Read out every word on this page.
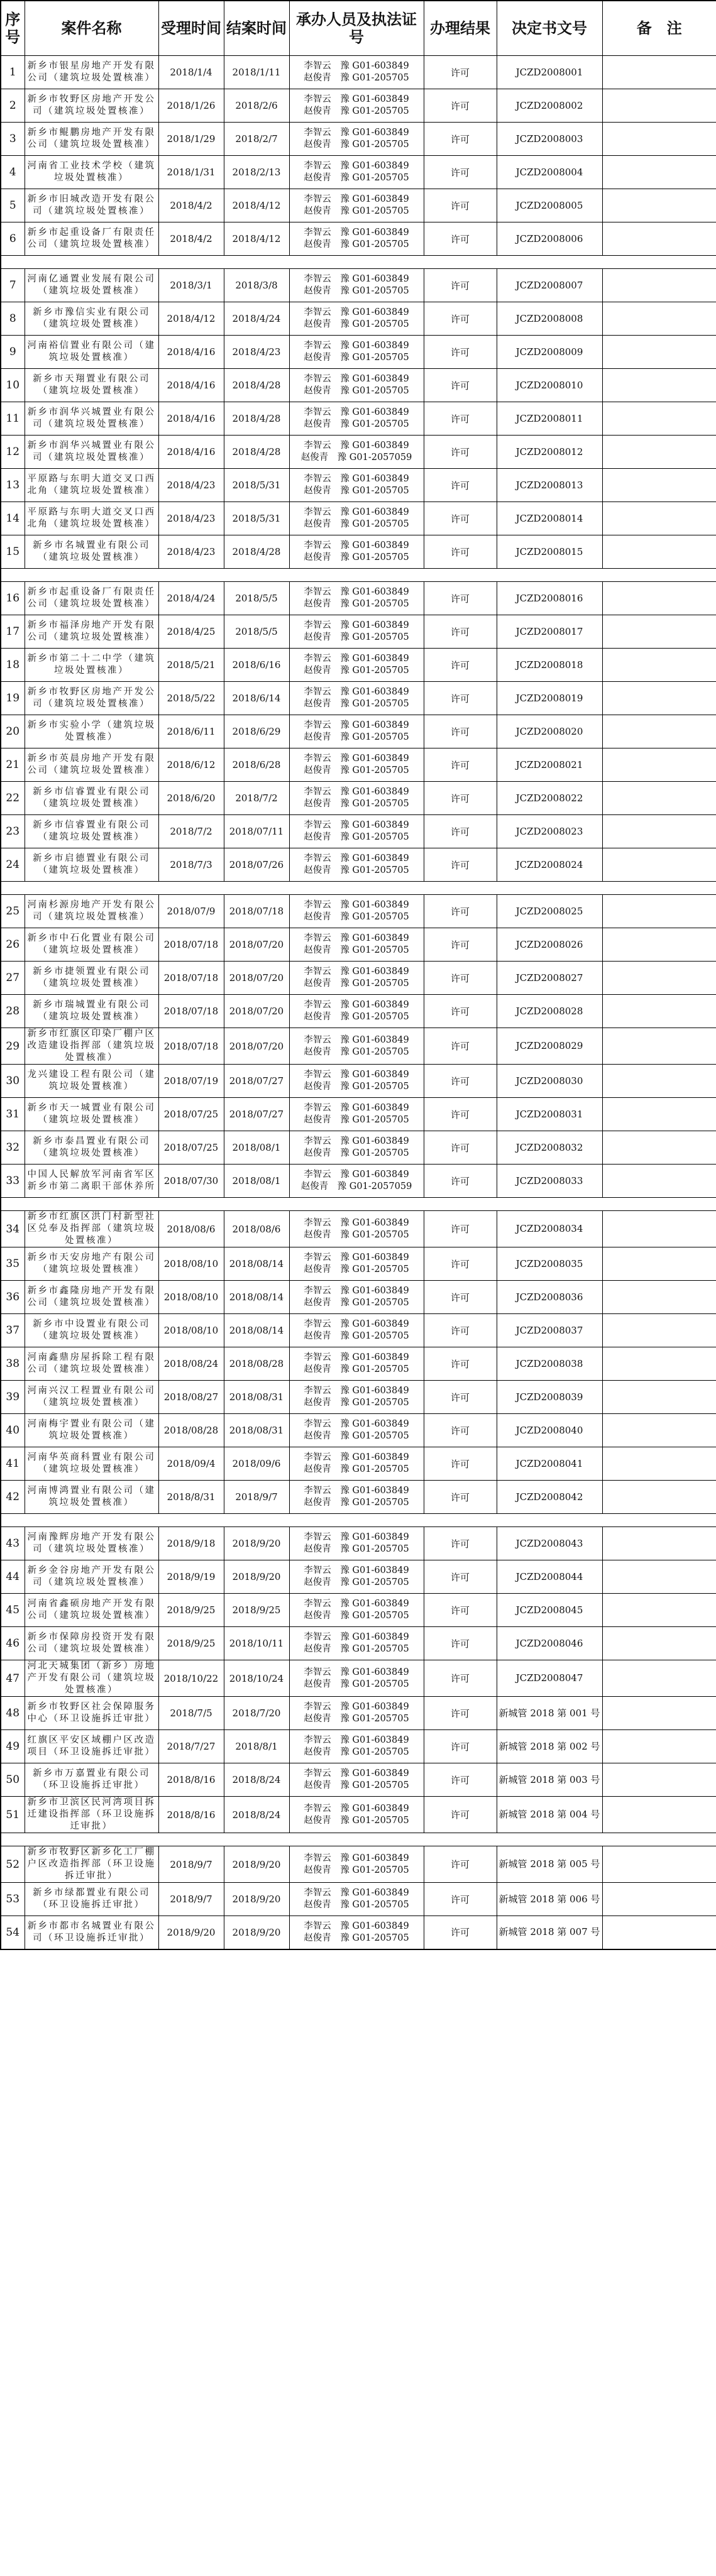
序号	案件名称	受理时间	结案时间	承办人员及执法证号	办理结果	决定书文号	备　注
1	新乡市银星房地产开发有限公司（建筑垃圾处置核准）	2018/1/4	2018/1/11	李智云　豫 G01-603849
赵俊青　豫 G01-205705	许可	JCZD2008001	
2	新乡市牧野区房地产开发公司（建筑垃圾处置核准）	2018/1/26	2018/2/6	李智云　豫 G01-603849
赵俊青　豫 G01-205705	许可	JCZD2008002	
3	新乡市鲲鹏房地产开发有限公司（建筑垃圾处置核准）	2018/1/29	2018/2/7	李智云　豫 G01-603849
赵俊青　豫 G01-205705	许可	JCZD2008003	
4	河南省工业技术学校（建筑垃圾处置核准）	2018/1/31	2018/2/13	李智云　豫 G01-603849
赵俊青　豫 G01-205705	许可	JCZD2008004	
5	新乡市旧城改造开发有限公司（建筑垃圾处置核准）	2018/4/2	2018/4/12	李智云　豫 G01-603849
赵俊青　豫 G01-205705	许可	JCZD2008005	
6	新乡市起重设备厂有限责任公司（建筑垃圾处置核准）	2018/4/2	2018/4/12	李智云　豫 G01-603849
赵俊青　豫 G01-205705	许可	JCZD2008006	

7	河南亿通置业发展有限公司（建筑垃圾处置核准）	2018/3/1	2018/3/8	李智云　豫 G01-603849
赵俊青　豫 G01-205705	许可	JCZD2008007	
8	新乡市豫信实业有限公司（建筑垃圾处置核准）	2018/4/12	2018/4/24	李智云　豫 G01-603849
赵俊青　豫 G01-205705	许可	JCZD2008008	
9	河南裕信置业有限公司（建筑垃圾处置核准）	2018/4/16	2018/4/23	李智云　豫 G01-603849
赵俊青　豫 G01-205705	许可	JCZD2008009	
10	新乡市天翔置业有限公司（建筑垃圾处置核准）	2018/4/16	2018/4/28	李智云　豫 G01-603849
赵俊青　豫 G01-205705	许可	JCZD2008010	
11	新乡市润华兴城置业有限公司（建筑垃圾处置核准）	2018/4/16	2018/4/28	李智云　豫 G01-603849
赵俊青　豫 G01-205705	许可	JCZD2008011	
12	新乡市润华兴城置业有限公司（建筑垃圾处置核准）	2018/4/16	2018/4/28	李智云　豫 G01-603849
赵俊青　豫 G01-2057059	许可	JCZD2008012	
13	平原路与东明大道交叉口西北角（建筑垃圾处置核准）	2018/4/23	2018/5/31	李智云　豫 G01-603849
赵俊青　豫 G01-205705	许可	JCZD2008013	
14	平原路与东明大道交叉口西北角（建筑垃圾处置核准）	2018/4/23	2018/5/31	李智云　豫 G01-603849
赵俊青　豫 G01-205705	许可	JCZD2008014	
15	新乡市名城置业有限公司（建筑垃圾处置核准）	2018/4/23	2018/4/28	李智云　豫 G01-603849
赵俊青　豫 G01-205705	许可	JCZD2008015	

16	新乡市起重设备厂有限责任公司（建筑垃圾处置核准）	2018/4/24	2018/5/5	李智云　豫 G01-603849
赵俊青　豫 G01-205705	许可	JCZD2008016	
17	新乡市福泽房地产开发有限公司（建筑垃圾处置核准）	2018/4/25	2018/5/5	李智云　豫 G01-603849
赵俊青　豫 G01-205705	许可	JCZD2008017	
18	新乡市第二十二中学（建筑垃圾处置核准）	2018/5/21	2018/6/16	李智云　豫 G01-603849
赵俊青　豫 G01-205705	许可	JCZD2008018	
19	新乡市牧野区房地产开发公司（建筑垃圾处置核准）	2018/5/22	2018/6/14	李智云　豫 G01-603849
赵俊青　豫 G01-205705	许可	JCZD2008019	
20	新乡市实验小学（建筑垃圾处置核准）	2018/6/11	2018/6/29	李智云　豫 G01-603849
赵俊青　豫 G01-205705	许可	JCZD2008020	
21	新乡市英晨房地产开发有限公司（建筑垃圾处置核准）	2018/6/12	2018/6/28	李智云　豫 G01-603849
赵俊青　豫 G01-205705	许可	JCZD2008021	
22	新乡市信睿置业有限公司（建筑垃圾处置核准）	2018/6/20	2018/7/2	李智云　豫 G01-603849
赵俊青　豫 G01-205705	许可	JCZD2008022	
23	新乡市信睿置业有限公司（建筑垃圾处置核准）	2018/7/2	2018/07/11	李智云　豫 G01-603849
赵俊青　豫 G01-205705	许可	JCZD2008023	
24	新乡市启德置业有限公司（建筑垃圾处置核准）	2018/7/3	2018/07/26	李智云　豫 G01-603849
赵俊青　豫 G01-205705	许可	JCZD2008024	

25	河南杉源房地产开发有限公司（建筑垃圾处置核准）	2018/07/9	2018/07/18	李智云　豫 G01-603849
赵俊青　豫 G01-205705	许可	JCZD2008025	
26	新乡市中石化置业有限公司（建筑垃圾处置核准）	2018/07/18	2018/07/20	李智云　豫 G01-603849
赵俊青　豫 G01-205705	许可	JCZD2008026	
27	新乡市捷领置业有限公司（建筑垃圾处置核准）	2018/07/18	2018/07/20	李智云　豫 G01-603849
赵俊青　豫 G01-205705	许可	JCZD2008027	
28	新乡市瑞城置业有限公司（建筑垃圾处置核准）	2018/07/18	2018/07/20	李智云　豫 G01-603849
赵俊青　豫 G01-205705	许可	JCZD2008028	
29	新乡市红旗区印染厂棚户区改造建设指挥部（建筑垃圾处置核准）	2018/07/18	2018/07/20	李智云　豫 G01-603849
赵俊青　豫 G01-205705	许可	JCZD2008029	
30	龙兴建设工程有限公司（建筑垃圾处置核准）	2018/07/19	2018/07/27	李智云　豫 G01-603849
赵俊青　豫 G01-205705	许可	JCZD2008030	
31	新乡市天一城置业有限公司（建筑垃圾处置核准）	2018/07/25	2018/07/27	李智云　豫 G01-603849
赵俊青　豫 G01-205705	许可	JCZD2008031	
32	新乡市泰昌置业有限公司（建筑垃圾处置核准）	2018/07/25	2018/08/1	李智云　豫 G01-603849
赵俊青　豫 G01-205705	许可	JCZD2008032	
33	中国人民解放军河南省军区新乡市第二离职干部休养所	2018/07/30	2018/08/1	李智云　豫 G01-603849
赵俊青　豫 G01-2057059	许可	JCZD2008033	

34	新乡市红旗区洪门村新型社区兑奉及指挥部（建筑垃圾处置核准）	2018/08/6	2018/08/6	李智云　豫 G01-603849
赵俊青　豫 G01-205705	许可	JCZD2008034	
35	新乡市天安房地产有限公司（建筑垃圾处置核准）	2018/08/10	2018/08/14	李智云　豫 G01-603849
赵俊青　豫 G01-205705	许可	JCZD2008035	
36	新乡市鑫隆房地产开发有限公司（建筑垃圾处置核准）	2018/08/10	2018/08/14	李智云　豫 G01-603849
赵俊青　豫 G01-205705	许可	JCZD2008036	
37	新乡市中设置业有限公司（建筑垃圾处置核准）	2018/08/10	2018/08/14	李智云　豫 G01-603849
赵俊青　豫 G01-205705	许可	JCZD2008037	
38	河南鑫鼎房屋拆除工程有限公司（建筑垃圾处置核准）	2018/08/24	2018/08/28	李智云　豫 G01-603849
赵俊青　豫 G01-205705	许可	JCZD2008038	
39	河南兴汉工程置业有限公司（建筑垃圾处置核准）	2018/08/27	2018/08/31	李智云　豫 G01-603849
赵俊青　豫 G01-205705	许可	JCZD2008039	
40	河南梅宇置业有限公司（建筑垃圾处置核准）	2018/08/28	2018/08/31	李智云　豫 G01-603849
赵俊青　豫 G01-205705	许可	JCZD2008040	
41	河南华英商科置业有限公司（建筑垃圾处置核准）	2018/09/4	2018/09/6	李智云　豫 G01-603849
赵俊青　豫 G01-205705	许可	JCZD2008041	
42	河南博鸿置业有限公司（建筑垃圾处置核准）	2018/8/31	2018/9/7	李智云　豫 G01-603849
赵俊青　豫 G01-205705	许可	JCZD2008042	

43	河南豫辉房地产开发有限公司（建筑垃圾处置核准）	2018/9/18	2018/9/20	李智云　豫 G01-603849
赵俊青　豫 G01-205705	许可	JCZD2008043	
44	新乡金谷房地产开发有限公司（建筑垃圾处置核准）	2018/9/19	2018/9/20	李智云　豫 G01-603849
赵俊青　豫 G01-205705	许可	JCZD2008044	
45	河南省鑫硕房地产开发有限公司（建筑垃圾处置核准）	2018/9/25	2018/9/25	李智云　豫 G01-603849
赵俊青　豫 G01-205705	许可	JCZD2008045	
46	新乡市保障房投资开发有限公司（建筑垃圾处置核准）	2018/9/25	2018/10/11	李智云　豫 G01-603849
赵俊青　豫 G01-205705	许可	JCZD2008046	
47	河北天城集团（新乡）房地产开发有限公司（建筑垃圾处置核准）	2018/10/22	2018/10/24	李智云　豫 G01-603849
赵俊青　豫 G01-205705	许可	JCZD2008047	
48	新乡市牧野区社会保障服务中心（环卫设施拆迁审批）	2018/7/5	2018/7/20	李智云　豫 G01-603849
赵俊青　豫 G01-205705	许可	新城管 2018 第 001 号	
49	红旗区平安区域棚户区改造项目（环卫设施拆迁审批）	2018/7/27	2018/8/1	李智云　豫 G01-603849
赵俊青　豫 G01-205705	许可	新城管 2018 第 002 号	
50	新乡市万嘉置业有限公司（环卫设施拆迁审批）	2018/8/16	2018/8/24	李智云　豫 G01-603849
赵俊青　豫 G01-205705	许可	新城管 2018 第 003 号	
51	新乡市卫滨区民河湾项目拆迁建设指挥部（环卫设施拆迁审批）	2018/8/16	2018/8/24	李智云　豫 G01-603849
赵俊青　豫 G01-205705	许可	新城管 2018 第 004 号	

52	新乡市牧野区新乡化工厂棚户区改造指挥部（环卫设施拆迁审批）	2018/9/7	2018/9/20	李智云　豫 G01-603849
赵俊青　豫 G01-205705	许可	新城管 2018 第 005 号	
53	新乡市绿都置业有限公司（环卫设施拆迁审批）	2018/9/7	2018/9/20	李智云　豫 G01-603849
赵俊青　豫 G01-205705	许可	新城管 2018 第 006 号	
54	新乡市都市名城置业有限公司（环卫设施拆迁审批）	2018/9/20	2018/9/20	李智云　豫 G01-603849
赵俊青　豫 G01-205705	许可	新城管 2018 第 007 号	
